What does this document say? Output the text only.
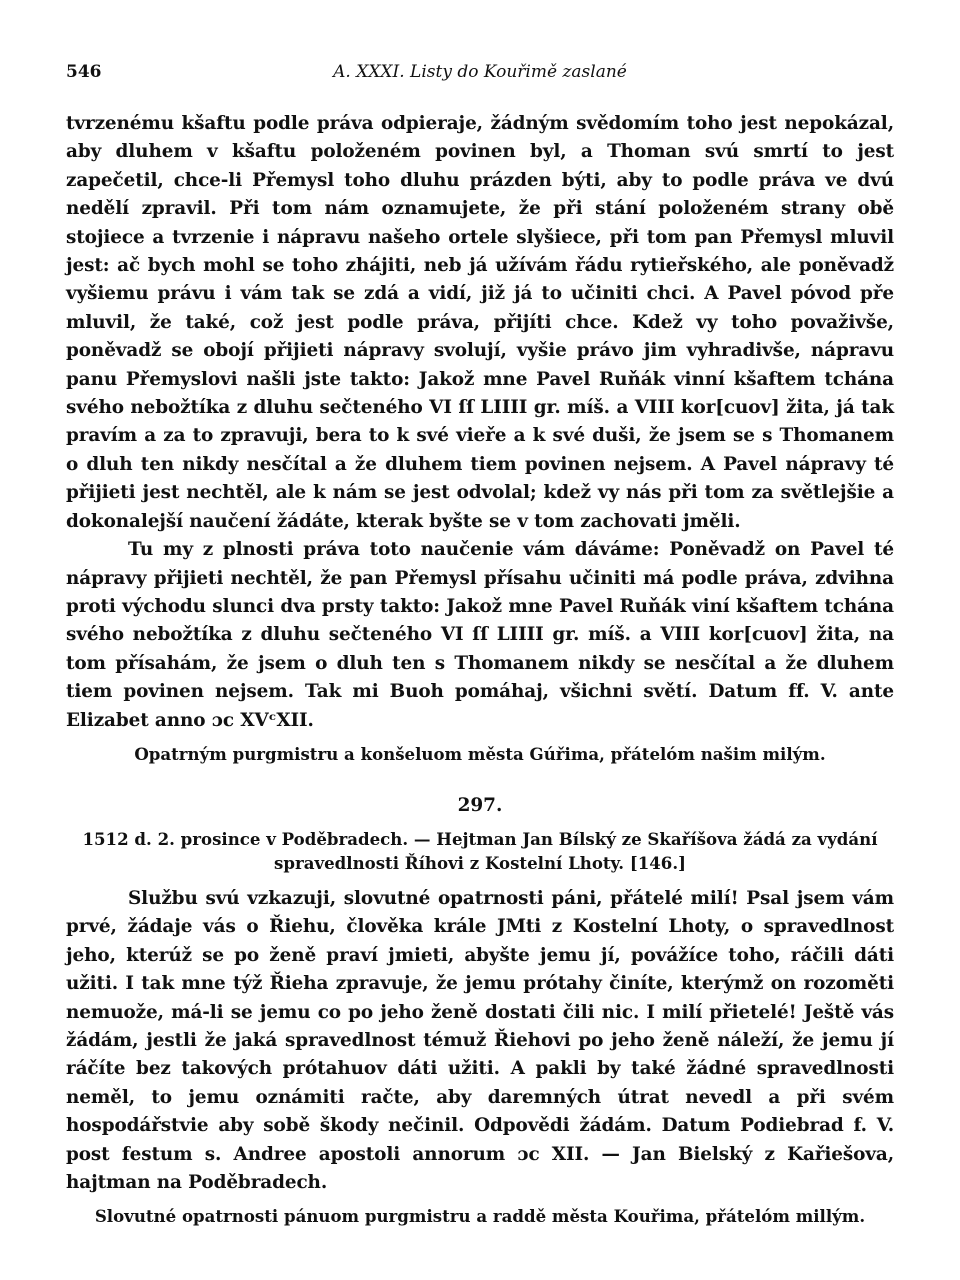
546	A. XXXI. Listy do Kouřimě zaslané

tvrzenému kšaftu podle práva odpieraje, žádným svědomím toho jest nepokázal, aby dluhem v kšaftu položeném povinen byl, a Thoman svú smrtí to jest zapečetil, chce-li Přemysl toho dluhu prázden býti, aby to podle práva ve dvú nedělí zpravil. Při tom nám oznamujete, že při stání položeném strany obě stojiece a tvrzenie i nápravu našeho ortele slyšiece, při tom pan Přemysl mluvil jest: ač bych mohl se toho zhájiti, neb já užívám řádu rytieřského, ale poněvadž vyšiemu právu i vám tak se zdá a vidí, již já to učiniti chci. A Pavel póvod pře mluvil, že také, což jest podle práva, přijíti chce. Kdež vy toho považivše, poněvadž se obojí přijieti nápravy svolují, vyšie právo jim vyhradivše, nápravu panu Přemyslovi našli jste takto: Jakož mne Pavel Ruňák vinní kšaftem tchána svého nebožtíka z dluhu sečteného VI ſſ LIIII gr. míš. a VIII kor[cuov] žita, já tak pravím a za to zpravuji, bera to k své vieře a k své duši, že jsem se s Thomanem o dluh ten nikdy nesčítal a že dluhem tiem povinen nejsem. A Pavel nápravy té přijieti jest nechtěl, ale k nám se jest odvolal; kdež vy nás při tom za světlejšie a dokonalejší naučení žádáte, kterak byšte se v tom zachovati jměli.

Tu my z plnosti práva toto naučenie vám dáváme: Poněvadž on Pavel té nápravy přijieti nechtěl, že pan Přemysl přísahu učiniti má podle práva, zdvihna proti východu slunci dva prsty takto: Jakož mne Pavel Ruňák viní kšaftem tchána svého nebožtíka z dluhu sečteného VI ſſ LIIII gr. míš. a VIII kor[cuov] žita, na tom přísahám, že jsem o dluh ten s Thomanem nikdy se nesčítal a že dluhem tiem povinen nejsem. Tak mi Buoh pomáhaj, všichni světí. Datum ff. V. ante Elizabet anno ɔc XVᶜXII.

Opatrným purgmistru a konšeluom města Gúřima, přátelóm našim milým.

297.
1512 d. 2. prosince v Poděbradech. — Hejtman Jan Bílský ze Skaříšova žádá za vydání spravedlnosti Říhovi z Kostelní Lhoty. [146.]

Službu svú vzkazuji, slovutné opatrnosti páni, přátelé milí! Psal jsem vám prvé, žádaje vás o Řiehu, člověka krále JMti z Kostelní Lhoty, o spravedlnost jeho, kterúž se po ženě praví jmieti, abyšte jemu jí, povážíce toho, ráčili dáti užiti. I tak mne týž Řieha zpravuje, že jemu prótahy činíte, kterýmž on rozoměti nemuože, má-li se jemu co po jeho ženě dostati čili nic. I milí přietelé! Ještě vás žádám, jestli že jaká spravedlnost témuž Řiehovi po jeho ženě náleží, že jemu jí ráčíte bez takových prótahuov dáti užiti. A pakli by také žádné spravedlnosti neměl, to jemu oznámiti račte, aby daremných útrat nevedl a při svém hospodářstvie aby sobě škody nečinil. Odpovědi žádám. Datum Podiebrad f. V. post festum s. Andree apostoli annorum ɔc XII. — Jan Bielský z Kařiešova, hajtman na Poděbradech.

Slovutné opatrnosti pánuom purgmistru a raddě města Kouřima, přátelóm millým.
